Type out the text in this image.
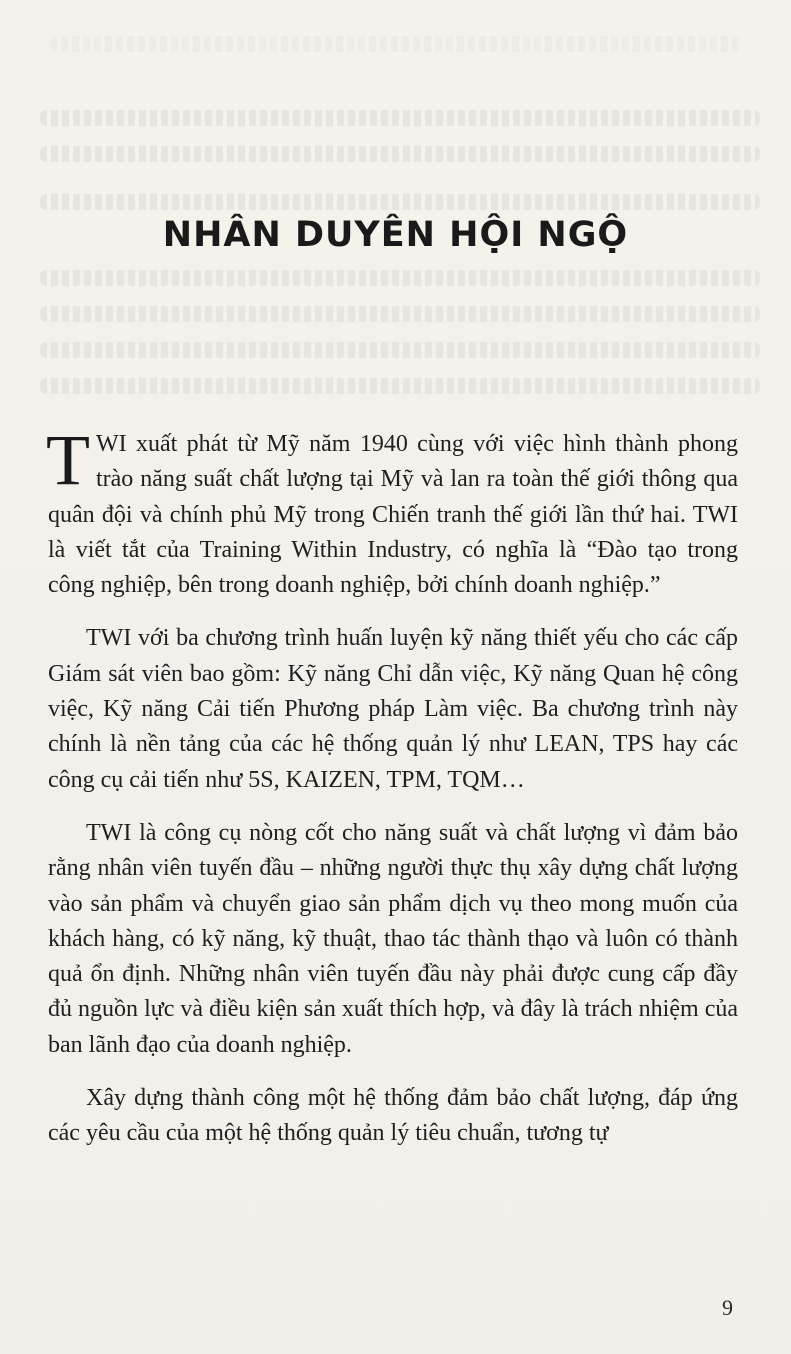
NHÂN DUYÊN HỘI NGỘ

TWI xuất phát từ Mỹ năm 1940 cùng với việc hình thành phong trào năng suất chất lượng tại Mỹ và lan ra toàn thế giới thông qua quân đội và chính phủ Mỹ trong Chiến tranh thế giới lần thứ hai. TWI là viết tắt của Training Within Industry, có nghĩa là “Đào tạo trong công nghiệp, bên trong doanh nghiệp, bởi chính doanh nghiệp.”

TWI với ba chương trình huấn luyện kỹ năng thiết yếu cho các cấp Giám sát viên bao gồm: Kỹ năng Chỉ dẫn việc, Kỹ năng Quan hệ công việc, Kỹ năng Cải tiến Phương pháp Làm việc. Ba chương trình này chính là nền tảng của các hệ thống quản lý như LEAN, TPS hay các công cụ cải tiến như 5S, KAIZEN, TPM, TQM…

TWI là công cụ nòng cốt cho năng suất và chất lượng vì đảm bảo rằng nhân viên tuyến đầu – những người thực thụ xây dựng chất lượng vào sản phẩm và chuyển giao sản phẩm dịch vụ theo mong muốn của khách hàng, có kỹ năng, kỹ thuật, thao tác thành thạo và luôn có thành quả ổn định. Những nhân viên tuyến đầu này phải được cung cấp đầy đủ nguồn lực và điều kiện sản xuất thích hợp, và đây là trách nhiệm của ban lãnh đạo của doanh nghiệp.

Xây dựng thành công một hệ thống đảm bảo chất lượng, đáp ứng các yêu cầu của một hệ thống quản lý tiêu chuẩn, tương tự

9
